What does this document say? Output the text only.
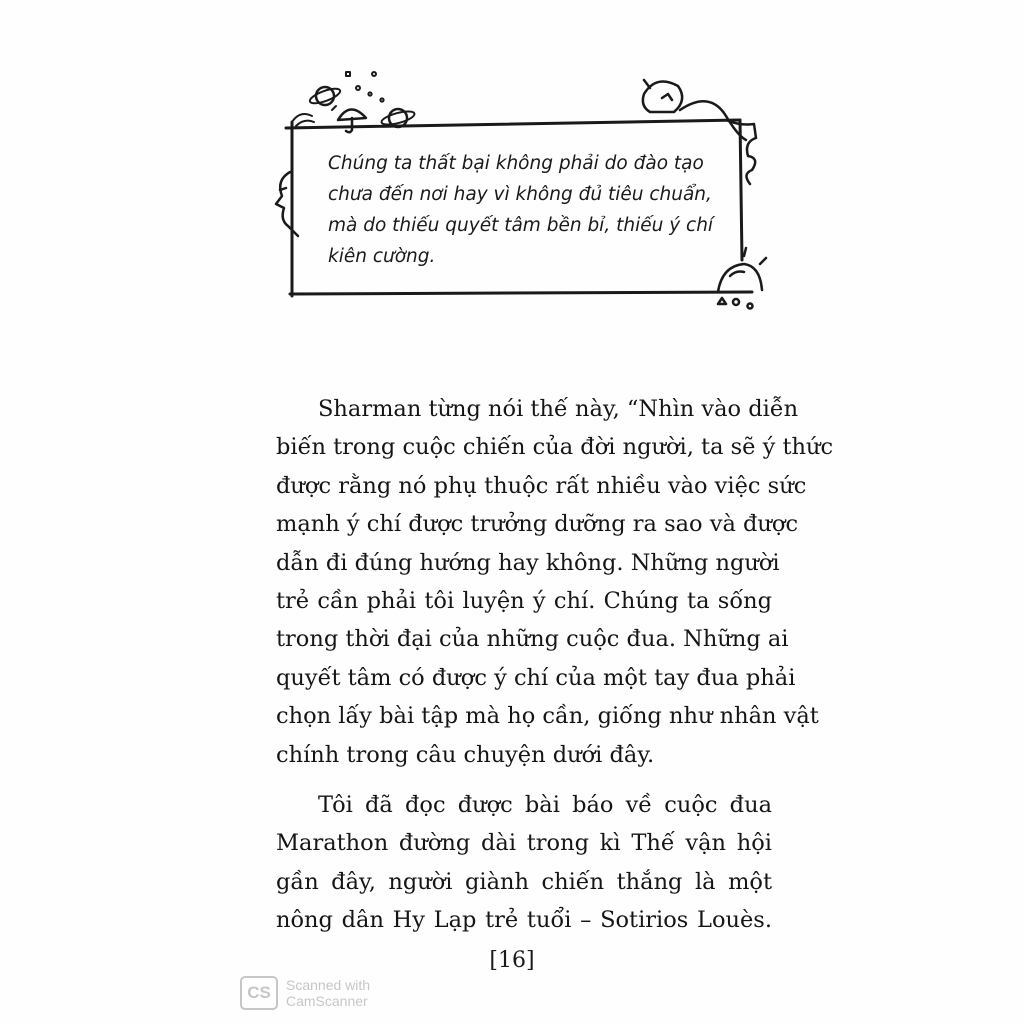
Chúng ta thất bại không phải do đào tạo
chưa đến nơi hay vì không đủ tiêu chuẩn,
mà do thiếu quyết tâm bền bỉ, thiếu ý chí
kiên cường.

Sharman từng nói thế này, “Nhìn vào diễn
biến trong cuộc chiến của đời người, ta sẽ ý thức
được rằng nó phụ thuộc rất nhiều vào việc sức
mạnh ý chí được trưởng dưỡng ra sao và được
dẫn đi đúng hướng hay không. Những người
trẻ cần phải tôi luyện ý chí. Chúng ta sống
trong thời đại của những cuộc đua. Những ai
quyết tâm có được ý chí của một tay đua phải
chọn lấy bài tập mà họ cần, giống như nhân vật
chính trong câu chuyện dưới đây.

Tôi đã đọc được bài báo về cuộc đua
Marathon đường dài trong kì Thế vận hội
gần đây, người giành chiến thắng là một
nông dân Hy Lạp trẻ tuổi – Sotirios Louès.

[16]
CS	Scanned with
CamScanner
